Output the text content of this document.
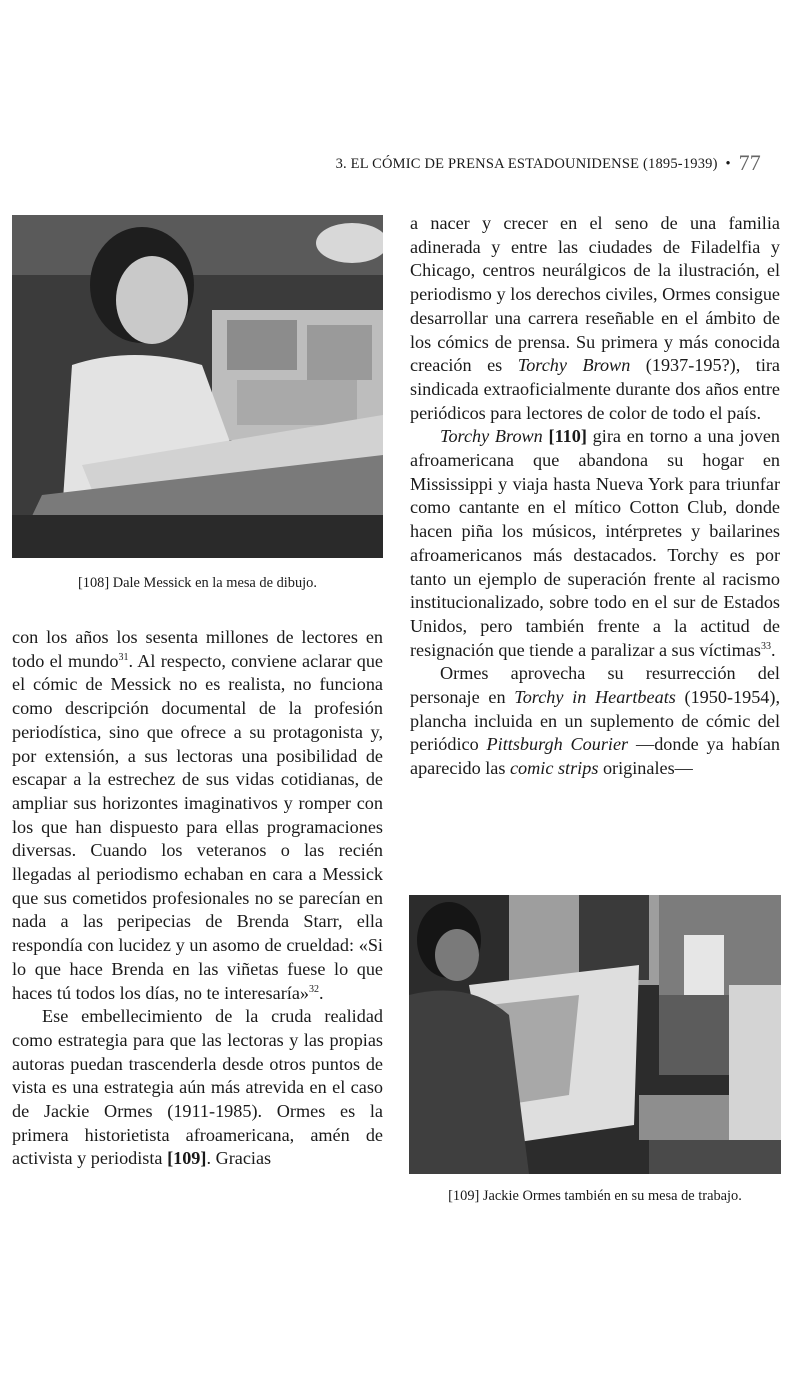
3. EL CÓMIC DE PRENSA ESTADOUNIDENSE (1895-1939) • 77
[108] Dale Messick en la mesa de dibujo.

con los años los sesenta millones de lectores en todo el mundo$^{31}$. Al respecto, conviene aclarar que el cómic de Messick no es realista, no funciona como descripción documental de la profesión periodística, sino que ofrece a su protagonista y, por extensión, a sus lectoras una posibilidad de escapar a la estrechez de sus vidas cotidianas, de ampliar sus horizontes imaginativos y romper con los que han dispuesto para ellas programaciones diversas. Cuando los veteranos o las recién llegadas al periodismo echaban en cara a Messick que sus cometidos profesionales no se parecían en nada a las peripecias de Brenda Starr, ella respondía con lucidez y un asomo de crueldad: «Si lo que hace Brenda en las viñetas fuese lo que haces tú todos los días, no te interesaría»$^{32}$.

Ese embellecimiento de la cruda realidad como estrategia para que las lectoras y las propias autoras puedan trascenderla desde otros puntos de vista es una estrategia aún más atrevida en el caso de Jackie Ormes (1911-1985). Ormes es la primera historietista afroamericana, amén de activista y periodista [109]. Gracias

a nacer y crecer en el seno de una familia adinerada y entre las ciudades de Filadelfia y Chicago, centros neurálgicos de la ilustración, el periodismo y los derechos civiles, Ormes consigue desarrollar una carrera reseñable en el ámbito de los cómics de prensa. Su primera y más conocida creación es Torchy Brown (1937-195?), tira sindicada extraoficialmente durante dos años entre periódicos para lectores de color de todo el país.

Torchy Brown [110] gira en torno a una joven afroamericana que abandona su hogar en Mississippi y viaja hasta Nueva York para triunfar como cantante en el mítico Cotton Club, donde hacen piña los músicos, intérpretes y bailarines afroamericanos más destacados. Torchy es por tanto un ejemplo de superación frente al racismo institucionalizado, sobre todo en el sur de Estados Unidos, pero también frente a la actitud de resignación que tiende a paralizar a sus víctimas$^{33}$.

Ormes aprovecha su resurrección del personaje en Torchy in Heartbeats (1950-1954), plancha incluida en un suplemento de cómic del periódico Pittsburgh Courier —donde ya habían aparecido las comic strips originales—

[109] Jackie Ormes también en su mesa de trabajo.
